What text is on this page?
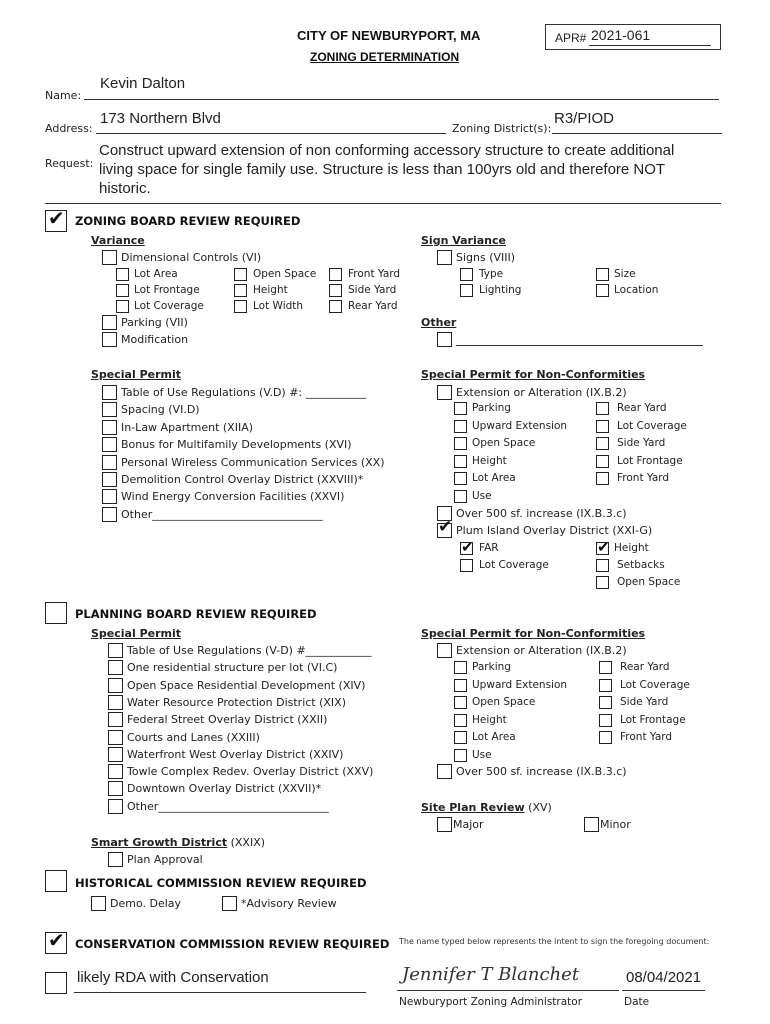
CITY OF NEWBURYPORT, MA
ZONING DETERMINATION
APR# 2021-061
Name:
Kevin Dalton
Address:
173 Northern Blvd
Zoning District(s):
R3/PIOD
Request:
Construct upward extension of non conforming accessory structure to create additional
living space for single family use. Structure is less than 100yrs old and therefore NOT
historic.
✔ ZONING BOARD REVIEW REQUIRED
Variance
Dimensional Controls (VI)
Lot Area
Lot Frontage
Lot Coverage
Open Space
Height
Lot Width
Front Yard
Side Yard
Rear Yard
Parking (VII)
Modification
Sign Variance
Signs (VIII)
Type
Lighting
Size
Location
Other
Special Permit
Table of Use Regulations (V.D) #: ___________
Spacing (VI.D)
In-Law Apartment (XIIA)
Bonus for Multifamily Developments (XVI)
Personal Wireless Communication Services (XX)
Demolition Control Overlay District (XXVIII)*
Wind Energy Conversion Facilities (XXVI)
Other_______________________________
Special Permit for Non-Conformities
Extension or Alteration (IX.B.2)
Parking
Upward Extension
Open Space
Height
Lot Area
Use
Rear Yard
Lot Coverage
Side Yard
Lot Frontage
Front Yard
Over 500 sf. increase (IX.B.3.c)
✔ Plum Island Overlay District (XXI-G)
✔ FAR
Lot Coverage
✔ Height
Setbacks
Open Space
PLANNING BOARD REVIEW REQUIRED
Special Permit
Table of Use Regulations (V-D) #____________
One residential structure per lot (VI.C)
Open Space Residential Development (XIV)
Water Resource Protection District (XIX)
Federal Street Overlay District (XXII)
Courts and Lanes (XXIII)
Waterfront West Overlay District (XXIV)
Towle Complex Redev. Overlay District (XXV)
Downtown Overlay District (XXVII)*
Other_______________________________
Special Permit for Non-Conformities
Extension or Alteration (IX.B.2)
Parking
Upward Extension
Open Space
Height
Lot Area
Use
Rear Yard
Lot Coverage
Side Yard
Lot Frontage
Front Yard
Over 500 sf. increase (IX.B.3.c)
Site Plan Review (XV)
Major	Minor
Smart Growth District (XXIX)
Plan Approval
HISTORICAL COMMISSION REVIEW REQUIRED
Demo. Delay	*Advisory Review
✔ CONSERVATION COMMISSION REVIEW REQUIRED The name typed below represents the intent to sign the foregoing document:
likely RDA with Conservation	Jennifer T Blanchet	08/04/2021
Newburyport Zoning Administrator	Date
